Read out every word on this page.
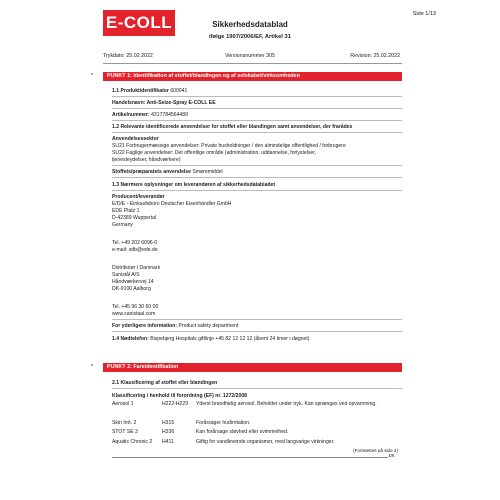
E-COLL	Side 1/13
Sikkerhedsdatablad
ifølge 1907/2006/EF, Artikel 31
Trykdato: 25.02.2022	Versionsnummer 305	Revision: 25.02.2022
*	PUNKT 1: Identifikation af stoffet/blandingen og af selskabet/virksomheden
1.1 Produktidentifikator 600041
Handelsnavn: Anti-Seize-Spray E-COLL EE
Artikelnummer: 4317784564489
1.2 Relevante identificerede anvendelser for stoffet eller blandingen samt anvendelser, der frarådes
Anvendelsessektor
SU21 Forbrugermæssige anvendelser: Private husholdninger / den almindelige offentlighed / forbrugere
SU22 Faglige anvendelser: Det offentlige område (administration, uddannelse, forlystelser,
tjenesteydelser, håndværkere)
Stoffets/præparatets anvendelse Smøremiddel
1.3 Nærmere oplysninger om leverandøren af sikkerhedsdatabladet
Producent/leverandør
E/D/E - Einkaufsbüro Deutscher Eisenhändler GmbH
EDE Platz 1
D-42389 Wuppertal
Germany
Tel. +49 202 6096-0
e-mail: sdb@ede.de
Distributør i Danmark
Sanistål A/S
Håndværkervej 14
DK-9100 Aalborg
Tel. +45 96 30 60 00
www.sanistaal.com
For yderligere information: Product safety department
1.4 Nødtelefon: Bispebjerg Hospitals giftlinje +45 82 12 12 12 (åbent 24 timer i døgnet)
*	PUNKT 2: Fareidentifikation
2.1 Klassificering af stoffet eller blandingen
Klassificering i henhold til forordning (EF) nr. 1272/2008
Aerosol 1	H222-H229 Yderst brandfarlig aerosol. Beholder under tryk. Kan sprænges ved opvarmning.
Skin Irrit. 2	H315	Forårsager hudirritation.
STOT SE 3	H336	Kan forårsage sløvhed eller svimmelhed.
Aquatic Chronic 2 H411	Giftig for vandlevende organismer, med langvarige virkninger.
(Fortsættes på side 2)
DK
